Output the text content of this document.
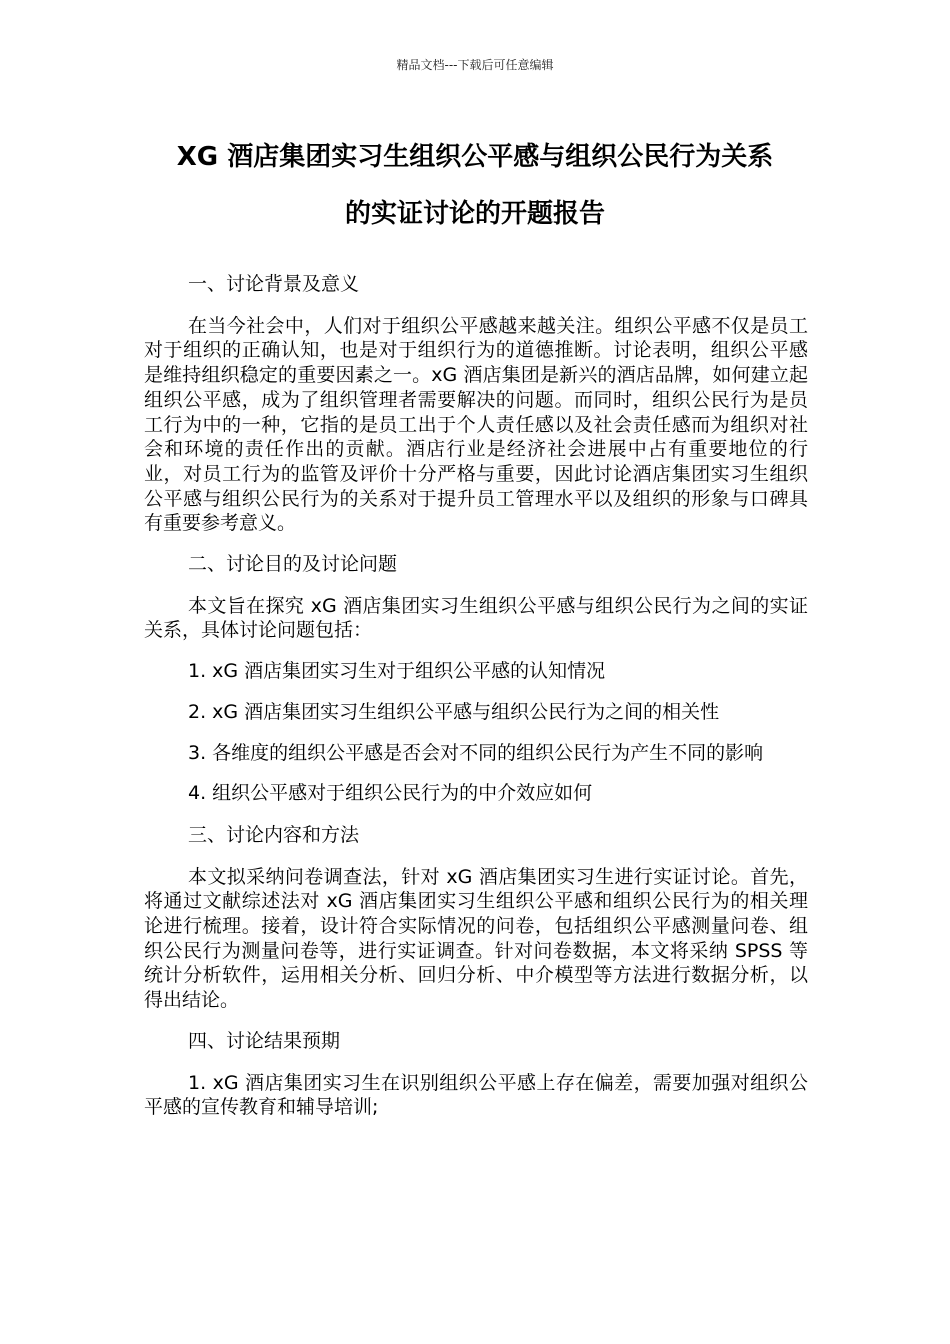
精品文档---下载后可任意编辑
XG 酒店集团实习生组织公平感与组织公民行为关系
的实证讨论的开题报告

一、讨论背景及意义

在当今社会中，人们对于组织公平感越来越关注。组织公平感不仅是员工对于组织的正确认知，也是对于组织行为的道德推断。讨论表明，组织公平感是维持组织稳定的重要因素之一。xG 酒店集团是新兴的酒店品牌，如何建立起组织公平感，成为了组织管理者需要解决的问题。而同时，组织公民行为是员工行为中的一种，它指的是员工出于个人责任感以及社会责任感而为组织对社会和环境的责任作出的贡献。酒店行业是经济社会进展中占有重要地位的行业，对员工行为的监管及评价十分严格与重要，因此讨论酒店集团实习生组织公平感与组织公民行为的关系对于提升员工管理水平以及组织的形象与口碑具有重要参考意义。

二、讨论目的及讨论问题

本文旨在探究 xG 酒店集团实习生组织公平感与组织公民行为之间的实证关系，具体讨论问题包括：

1. xG 酒店集团实习生对于组织公平感的认知情况

2. xG 酒店集团实习生组织公平感与组织公民行为之间的相关性

3. 各维度的组织公平感是否会对不同的组织公民行为产生不同的影响

4. 组织公平感对于组织公民行为的中介效应如何

三、讨论内容和方法

本文拟采纳问卷调查法，针对 xG 酒店集团实习生进行实证讨论。首先，将通过文献综述法对 xG 酒店集团实习生组织公平感和组织公民行为的相关理论进行梳理。接着，设计符合实际情况的问卷，包括组织公平感测量问卷、组织公民行为测量问卷等，进行实证调查。针对问卷数据，本文将采纳 SPSS 等统计分析软件，运用相关分析、回归分析、中介模型等方法进行数据分析，以得出结论。

四、讨论结果预期

1. xG 酒店集团实习生在识别组织公平感上存在偏差，需要加强对组织公平感的宣传教育和辅导培训;
